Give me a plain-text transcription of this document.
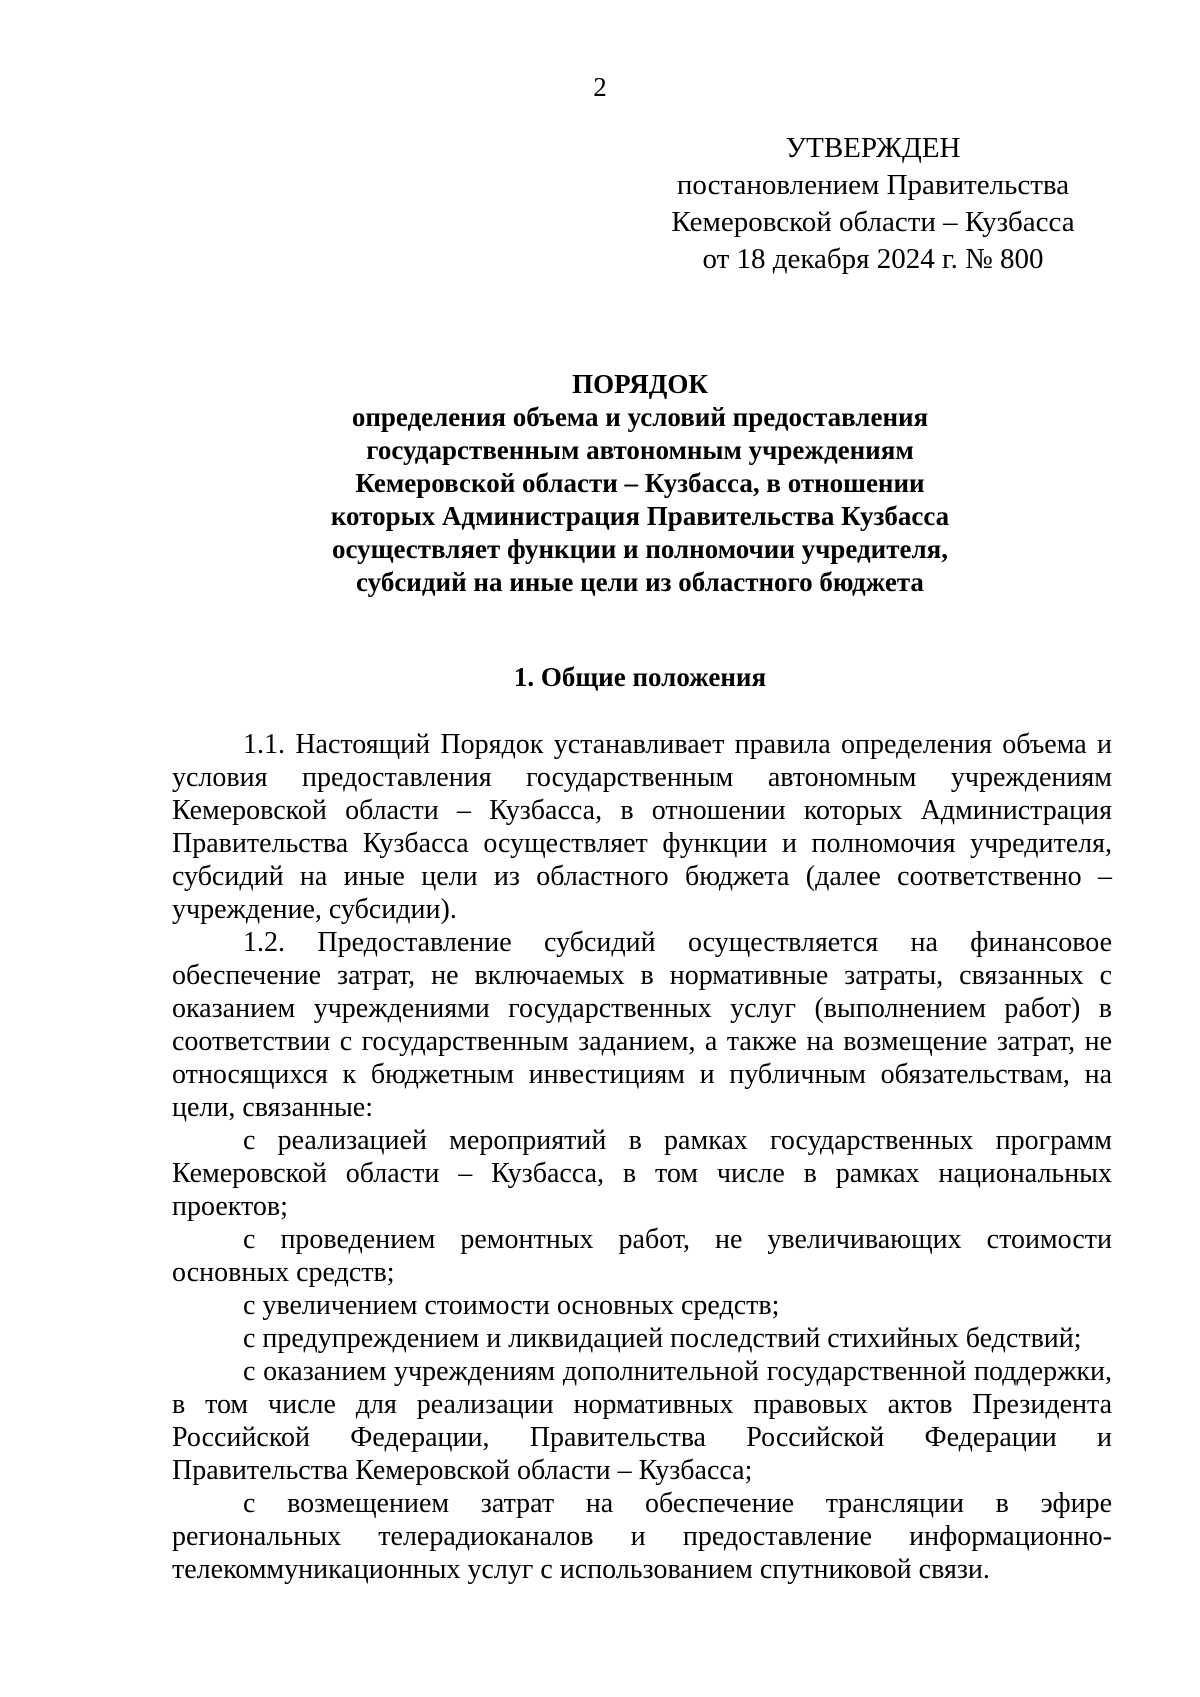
2
УТВЕРЖДЕН
постановлением Правительства
Кемеровской области – Кузбасса
от 18 декабря 2024 г. № 800
ПОРЯДОК
определения объема и условий предоставления
государственным автономным учреждениям
Кемеровской области – Кузбасса, в отношении
которых Администрация Правительства Кузбасса
осуществляет функции и полномочии учредителя,
субсидий на иные цели из областного бюджета
1. Общие положения

1.1. Настоящий Порядок устанавливает правила определения объема и условия предоставления государственным автономным учреждениям Кемеровской области – Кузбасса, в отношении которых Администрация Правительства Кузбасса осуществляет функции и полномочия учредителя, субсидий на иные цели из областного бюджета (далее соответственно – учреждение, субсидии).

1.2. Предоставление субсидий осуществляется на финансовое обеспечение затрат, не включаемых в нормативные затраты, связанных с оказанием учреждениями государственных услуг (выполнением работ) в соответствии с государственным заданием, а также на возмещение затрат, не относящихся к бюджетным инвестициям и публичным обязательствам, на цели, связанные:

с реализацией мероприятий в рамках государственных программ Кемеровской области – Кузбасса, в том числе в рамках национальных проектов;

с проведением ремонтных работ, не увеличивающих стоимости основных средств;

с увеличением стоимости основных средств;

с предупреждением и ликвидацией последствий стихийных бедствий;

с оказанием учреждениям дополнительной государственной поддержки, в том числе для реализации нормативных правовых актов Президента Российской Федерации, Правительства Российской Федерации и Правительства Кемеровской области – Кузбасса;

с возмещением затрат на обеспечение трансляции в эфире региональных телерадиоканалов и предоставление информационно-телекоммуникационных услуг с использованием спутниковой связи.
